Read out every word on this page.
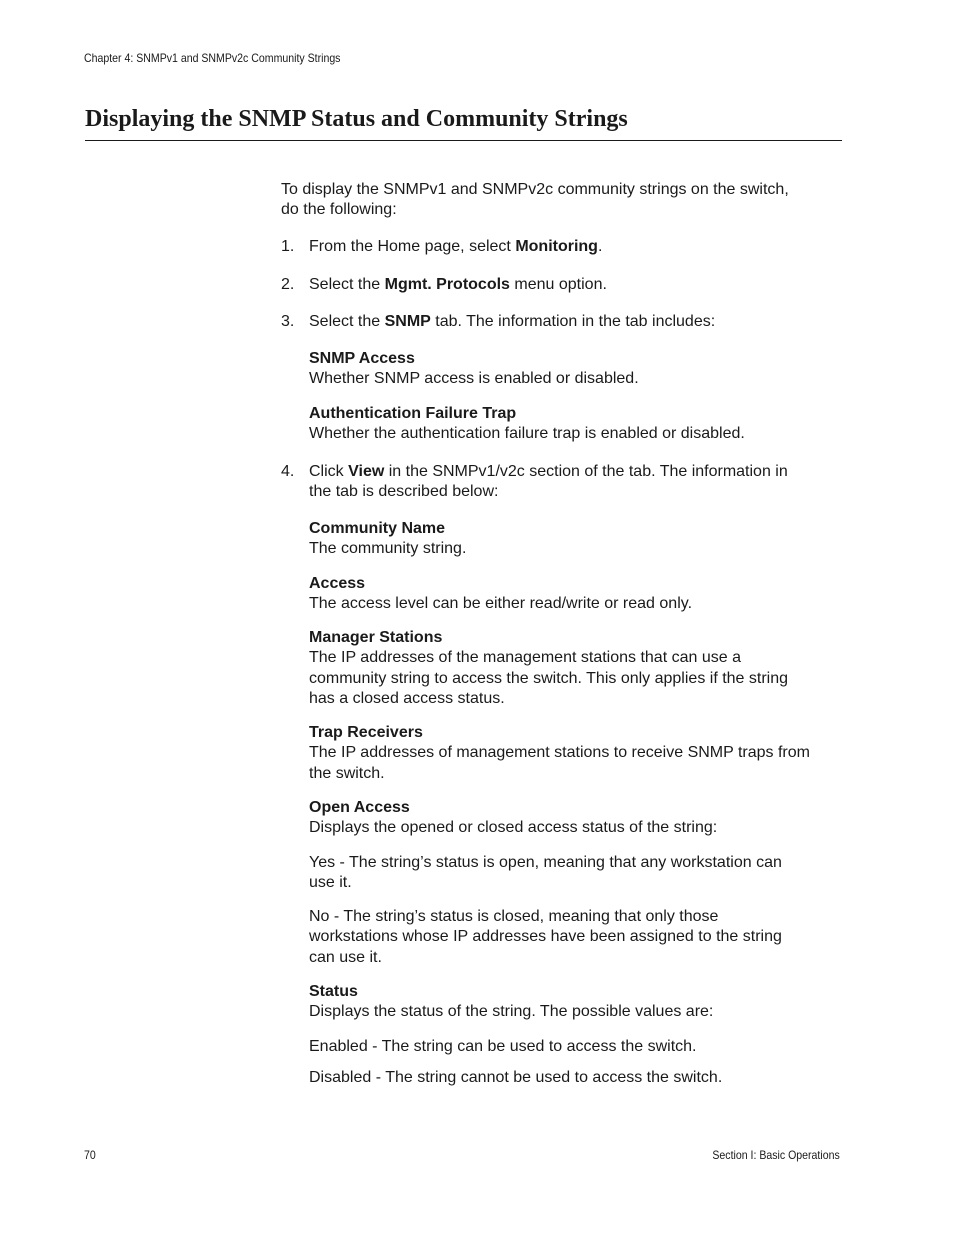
Chapter 4: SNMPv1 and SNMPv2c Community Strings
Displaying the SNMP Status and Community Strings
To display the SNMPv1 and SNMPv2c community strings on the switch,
do the following:
1. From the Home page, select Monitoring.
2. Select the Mgmt. Protocols menu option.
3. Select the SNMP tab. The information in the tab includes:
SNMP Access
Whether SNMP access is enabled or disabled.
Authentication Failure Trap
Whether the authentication failure trap is enabled or disabled.
4. Click View in the SNMPv1/v2c section of the tab. The information in
the tab is described below:
Community Name
The community string.
Access
The access level can be either read/write or read only.
Manager Stations
The IP addresses of the management stations that can use a
community string to access the switch. This only applies if the string
has a closed access status.
Trap Receivers
The IP addresses of management stations to receive SNMP traps from
the switch.
Open Access
Displays the opened or closed access status of the string:
Yes - The string’s status is open, meaning that any workstation can
use it.
No - The string’s status is closed, meaning that only those
workstations whose IP addresses have been assigned to the string
can use it.
Status
Displays the status of the string. The possible values are:
Enabled - The string can be used to access the switch.
Disabled - The string cannot be used to access the switch.
70	Section I: Basic Operations
